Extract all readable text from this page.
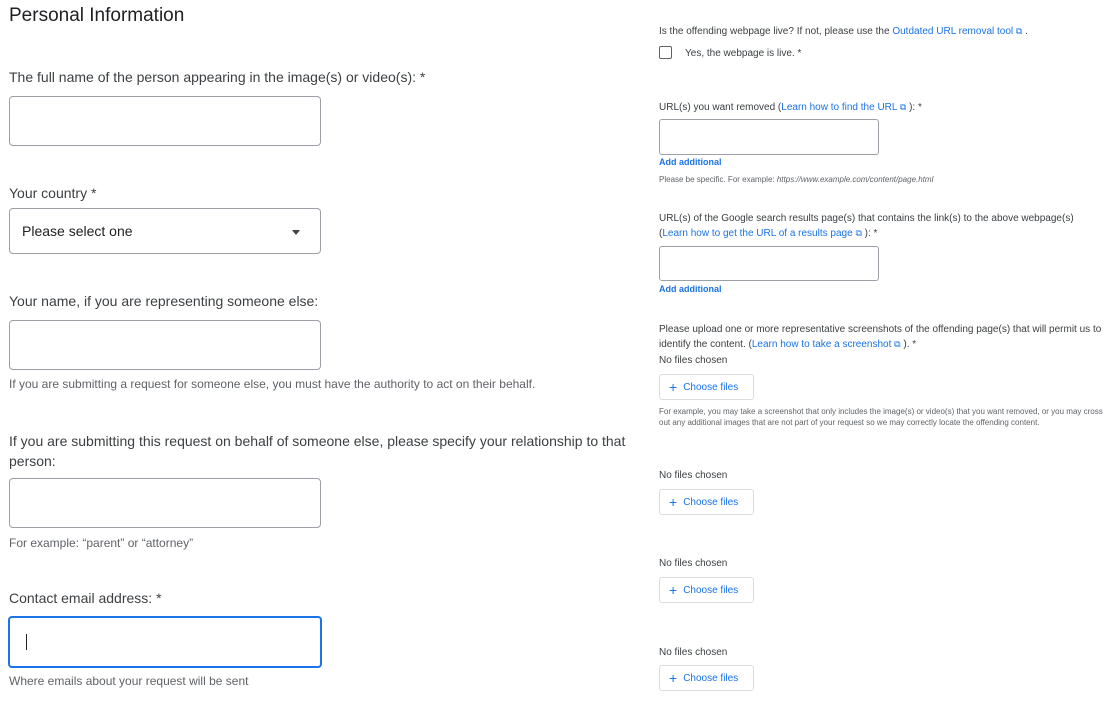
Personal Information
The full name of the person appearing in the image(s) or video(s): *
Your country *
Please select one
Your name, if you are representing someone else:
If you are submitting a request for someone else, you must have the authority to act on their behalf.
If you are submitting this request on behalf of someone else, please specify your relationship to that person:
For example: “parent” or “attorney”
Contact email address: *
Where emails about your request will be sent
Is the offending webpage live? If not, please use the Outdated URL removal tool ⧉ .
Yes, the webpage is live. *
URL(s) you want removed (Learn how to find the URL ⧉ ): *
Add additional
Please be specific. For example: https://www.example.com/content/page.html
URL(s) of the Google search results page(s) that contains the link(s) to the above webpage(s) (Learn how to get the URL of a results page ⧉ ): *
Add additional
Please upload one or more representative screenshots of the offending page(s) that will permit us to identify the content. (Learn how to take a screenshot ⧉ ). *
No files chosen
+ Choose files
For example, you may take a screenshot that only includes the image(s) or video(s) that you want removed, or you may cross out any additional images that are not part of your request so we may correctly locate the offending content.
No files chosen
+ Choose files
No files chosen
+ Choose files
No files chosen
+ Choose files
